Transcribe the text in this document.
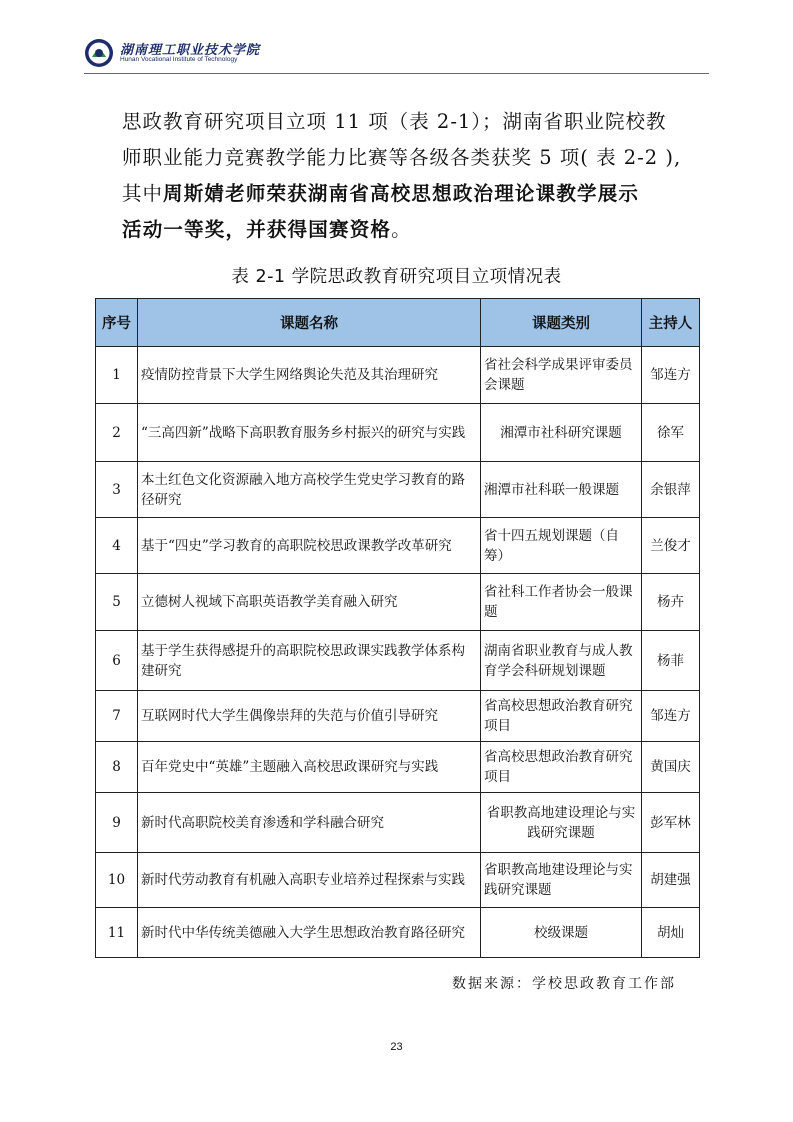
湖南理工职业技术学院
Hunan Vocational Institute of Technology
思政教育研究项目立项 11 项（表 2-1）；湖南省职业院校教
师职业能力竞赛教学能力比赛等各级各类获奖 5 项( 表 2-2 ),
其中周斯婧老师荣获湖南省高校思想政治理论课教学展示
活动一等奖，并获得国赛资格。
表 2-1 学院思政教育研究项目立项情况表
序号	课题名称	课题类别	主持人
1	疫情防控背景下大学生网络舆论失范及其治理研究	省社会科学成果评审委员会课题	邹连方
2	“三高四新”战略下高职教育服务乡村振兴的研究与实践	湘潭市社科研究课题	徐军
3	本土红色文化资源融入地方高校学生党史学习教育的路径研究	湘潭市社科联一般课题	余银萍
4	基于“四史”学习教育的高职院校思政课教学改革研究	省十四五规划课题（自筹）	兰俊才
5	立德树人视域下高职英语教学美育融入研究	省社科工作者协会一般课题	杨卉
6	基于学生获得感提升的高职院校思政课实践教学体系构建研究	湖南省职业教育与成人教育学会科研规划课题	杨菲
7	互联网时代大学生偶像崇拜的失范与价值引导研究	省高校思想政治教育研究项目	邹连方
8	百年党史中“英雄”主题融入高校思政课研究与实践	省高校思想政治教育研究项目	黄国庆
9	新时代高职院校美育渗透和学科融合研究	省职教高地建设理论与实践研究课题	彭军林
10	新时代劳动教育有机融入高职专业培养过程探索与实践	省职教高地建设理论与实践研究课题	胡建强
11	新时代中华传统美德融入大学生思想政治教育路径研究	校级课题	胡灿
数据来源：学校思政教育工作部
23
